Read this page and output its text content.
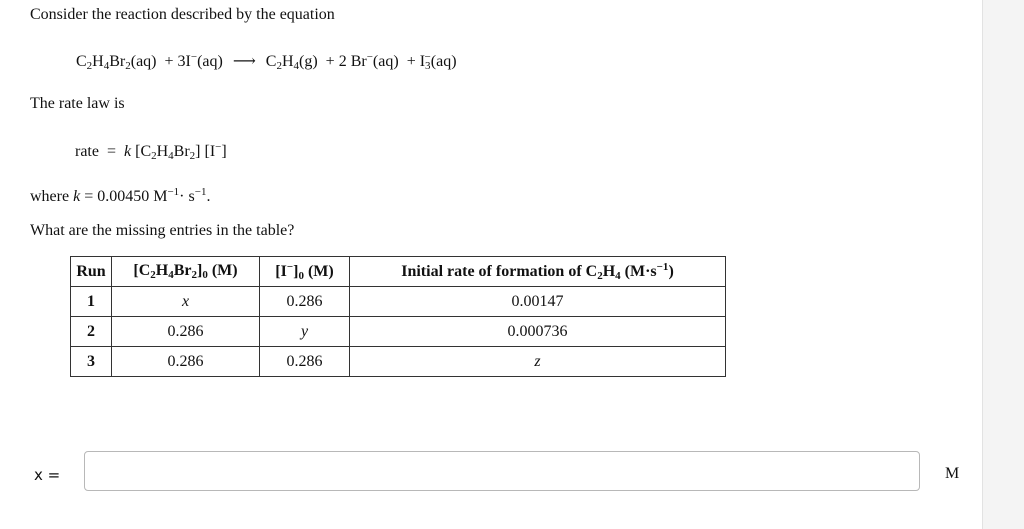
Consider the reaction described by the equation
$C_2H_4Br_2(aq) + 3I^-(aq)$ ⟶ $C_2H_4(g) + 2$ $Br^-(aq) + I_3^-(aq)$
The rate law is
rate  =  k $[C_2H_4Br_2]$ [I−]
where k = 0.00450 $M^{-1}\cdot s^{-1}$.
What are the missing entries in the table?
Run	$[C_2H_4Br_2]_0$ (M)	$[I^-]_0$ (M)	Initial rate of formation of $C_2H_4$ $(M\cdot s^{-1})$
1	x	0.286	0.00147
2	0.286	y	0.000736
3	0.286	0.286	z
x =	M
